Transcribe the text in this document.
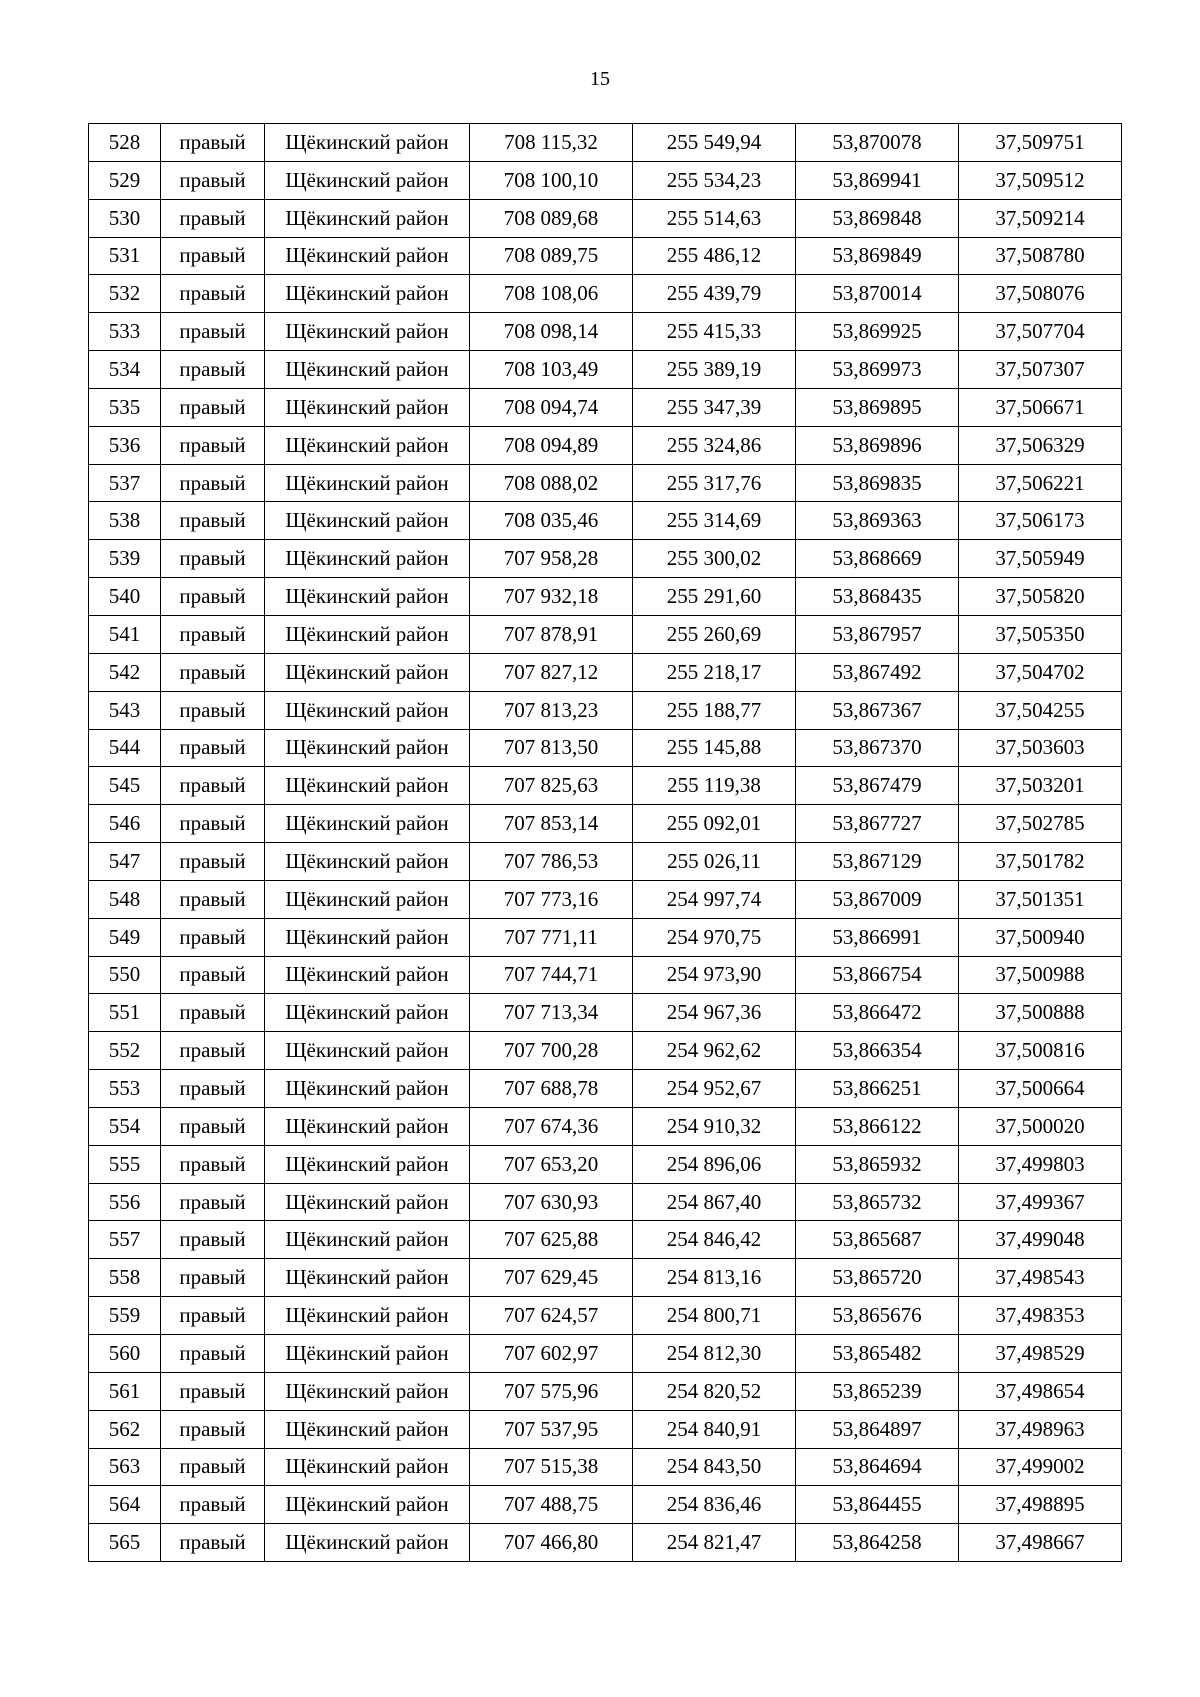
15
528	правый	Щёкинский район	708 115,32	255 549,94	53,870078	37,509751
529	правый	Щёкинский район	708 100,10	255 534,23	53,869941	37,509512
530	правый	Щёкинский район	708 089,68	255 514,63	53,869848	37,509214
531	правый	Щёкинский район	708 089,75	255 486,12	53,869849	37,508780
532	правый	Щёкинский район	708 108,06	255 439,79	53,870014	37,508076
533	правый	Щёкинский район	708 098,14	255 415,33	53,869925	37,507704
534	правый	Щёкинский район	708 103,49	255 389,19	53,869973	37,507307
535	правый	Щёкинский район	708 094,74	255 347,39	53,869895	37,506671
536	правый	Щёкинский район	708 094,89	255 324,86	53,869896	37,506329
537	правый	Щёкинский район	708 088,02	255 317,76	53,869835	37,506221
538	правый	Щёкинский район	708 035,46	255 314,69	53,869363	37,506173
539	правый	Щёкинский район	707 958,28	255 300,02	53,868669	37,505949
540	правый	Щёкинский район	707 932,18	255 291,60	53,868435	37,505820
541	правый	Щёкинский район	707 878,91	255 260,69	53,867957	37,505350
542	правый	Щёкинский район	707 827,12	255 218,17	53,867492	37,504702
543	правый	Щёкинский район	707 813,23	255 188,77	53,867367	37,504255
544	правый	Щёкинский район	707 813,50	255 145,88	53,867370	37,503603
545	правый	Щёкинский район	707 825,63	255 119,38	53,867479	37,503201
546	правый	Щёкинский район	707 853,14	255 092,01	53,867727	37,502785
547	правый	Щёкинский район	707 786,53	255 026,11	53,867129	37,501782
548	правый	Щёкинский район	707 773,16	254 997,74	53,867009	37,501351
549	правый	Щёкинский район	707 771,11	254 970,75	53,866991	37,500940
550	правый	Щёкинский район	707 744,71	254 973,90	53,866754	37,500988
551	правый	Щёкинский район	707 713,34	254 967,36	53,866472	37,500888
552	правый	Щёкинский район	707 700,28	254 962,62	53,866354	37,500816
553	правый	Щёкинский район	707 688,78	254 952,67	53,866251	37,500664
554	правый	Щёкинский район	707 674,36	254 910,32	53,866122	37,500020
555	правый	Щёкинский район	707 653,20	254 896,06	53,865932	37,499803
556	правый	Щёкинский район	707 630,93	254 867,40	53,865732	37,499367
557	правый	Щёкинский район	707 625,88	254 846,42	53,865687	37,499048
558	правый	Щёкинский район	707 629,45	254 813,16	53,865720	37,498543
559	правый	Щёкинский район	707 624,57	254 800,71	53,865676	37,498353
560	правый	Щёкинский район	707 602,97	254 812,30	53,865482	37,498529
561	правый	Щёкинский район	707 575,96	254 820,52	53,865239	37,498654
562	правый	Щёкинский район	707 537,95	254 840,91	53,864897	37,498963
563	правый	Щёкинский район	707 515,38	254 843,50	53,864694	37,499002
564	правый	Щёкинский район	707 488,75	254 836,46	53,864455	37,498895
565	правый	Щёкинский район	707 466,80	254 821,47	53,864258	37,498667
